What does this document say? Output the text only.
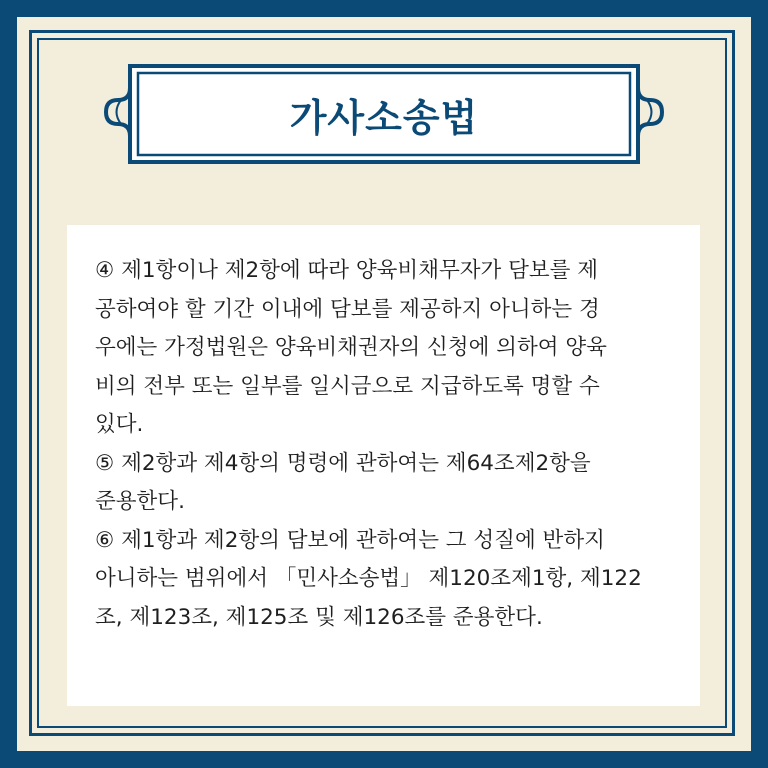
가사소송법
④ 제1항이나 제2항에 따라 양육비채무자가 담보를 제
공하여야 할 기간 이내에 담보를 제공하지 아니하는 경
우에는 가정법원은 양육비채권자의 신청에 의하여 양육
비의 전부 또는 일부를 일시금으로 지급하도록 명할 수
있다.
⑤ 제2항과 제4항의 명령에 관하여는 제64조제2항을
준용한다.
⑥ 제1항과 제2항의 담보에 관하여는 그 성질에 반하지
아니하는 범위에서 「민사소송법」 제120조제1항, 제122
조, 제123조, 제125조 및 제126조를 준용한다.
